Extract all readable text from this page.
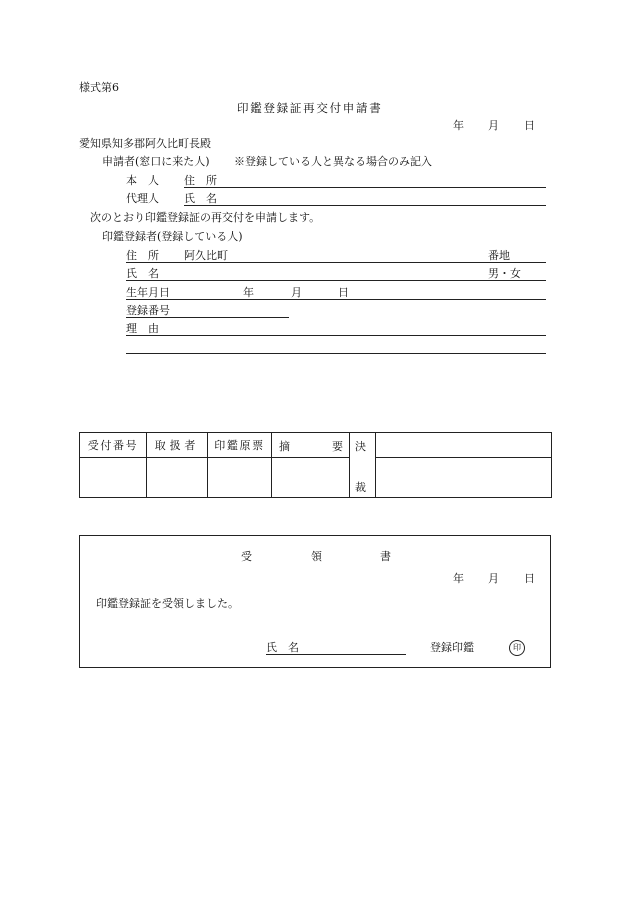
様式第6
印鑑登録証再交付申請書
年 月 日
愛知県知多郡阿久比町長殿
申請者(窓口に来た人) ※登録している人と異なる場合のみ記入
本　人 住　所
代理人 氏　名
次のとおり印鑑登録証の再交付を申請します。
印鑑登録者(登録している人)
住　所 阿久比町	番地
氏　名	男・女
生年月日	年	月	日
登録番号
理　由
受付番号	取扱者	印鑑原票	摘 要	決
裁	

受	領	書
年 月 日
印鑑登録証を受領しました。
氏　名	登録印鑑	印
